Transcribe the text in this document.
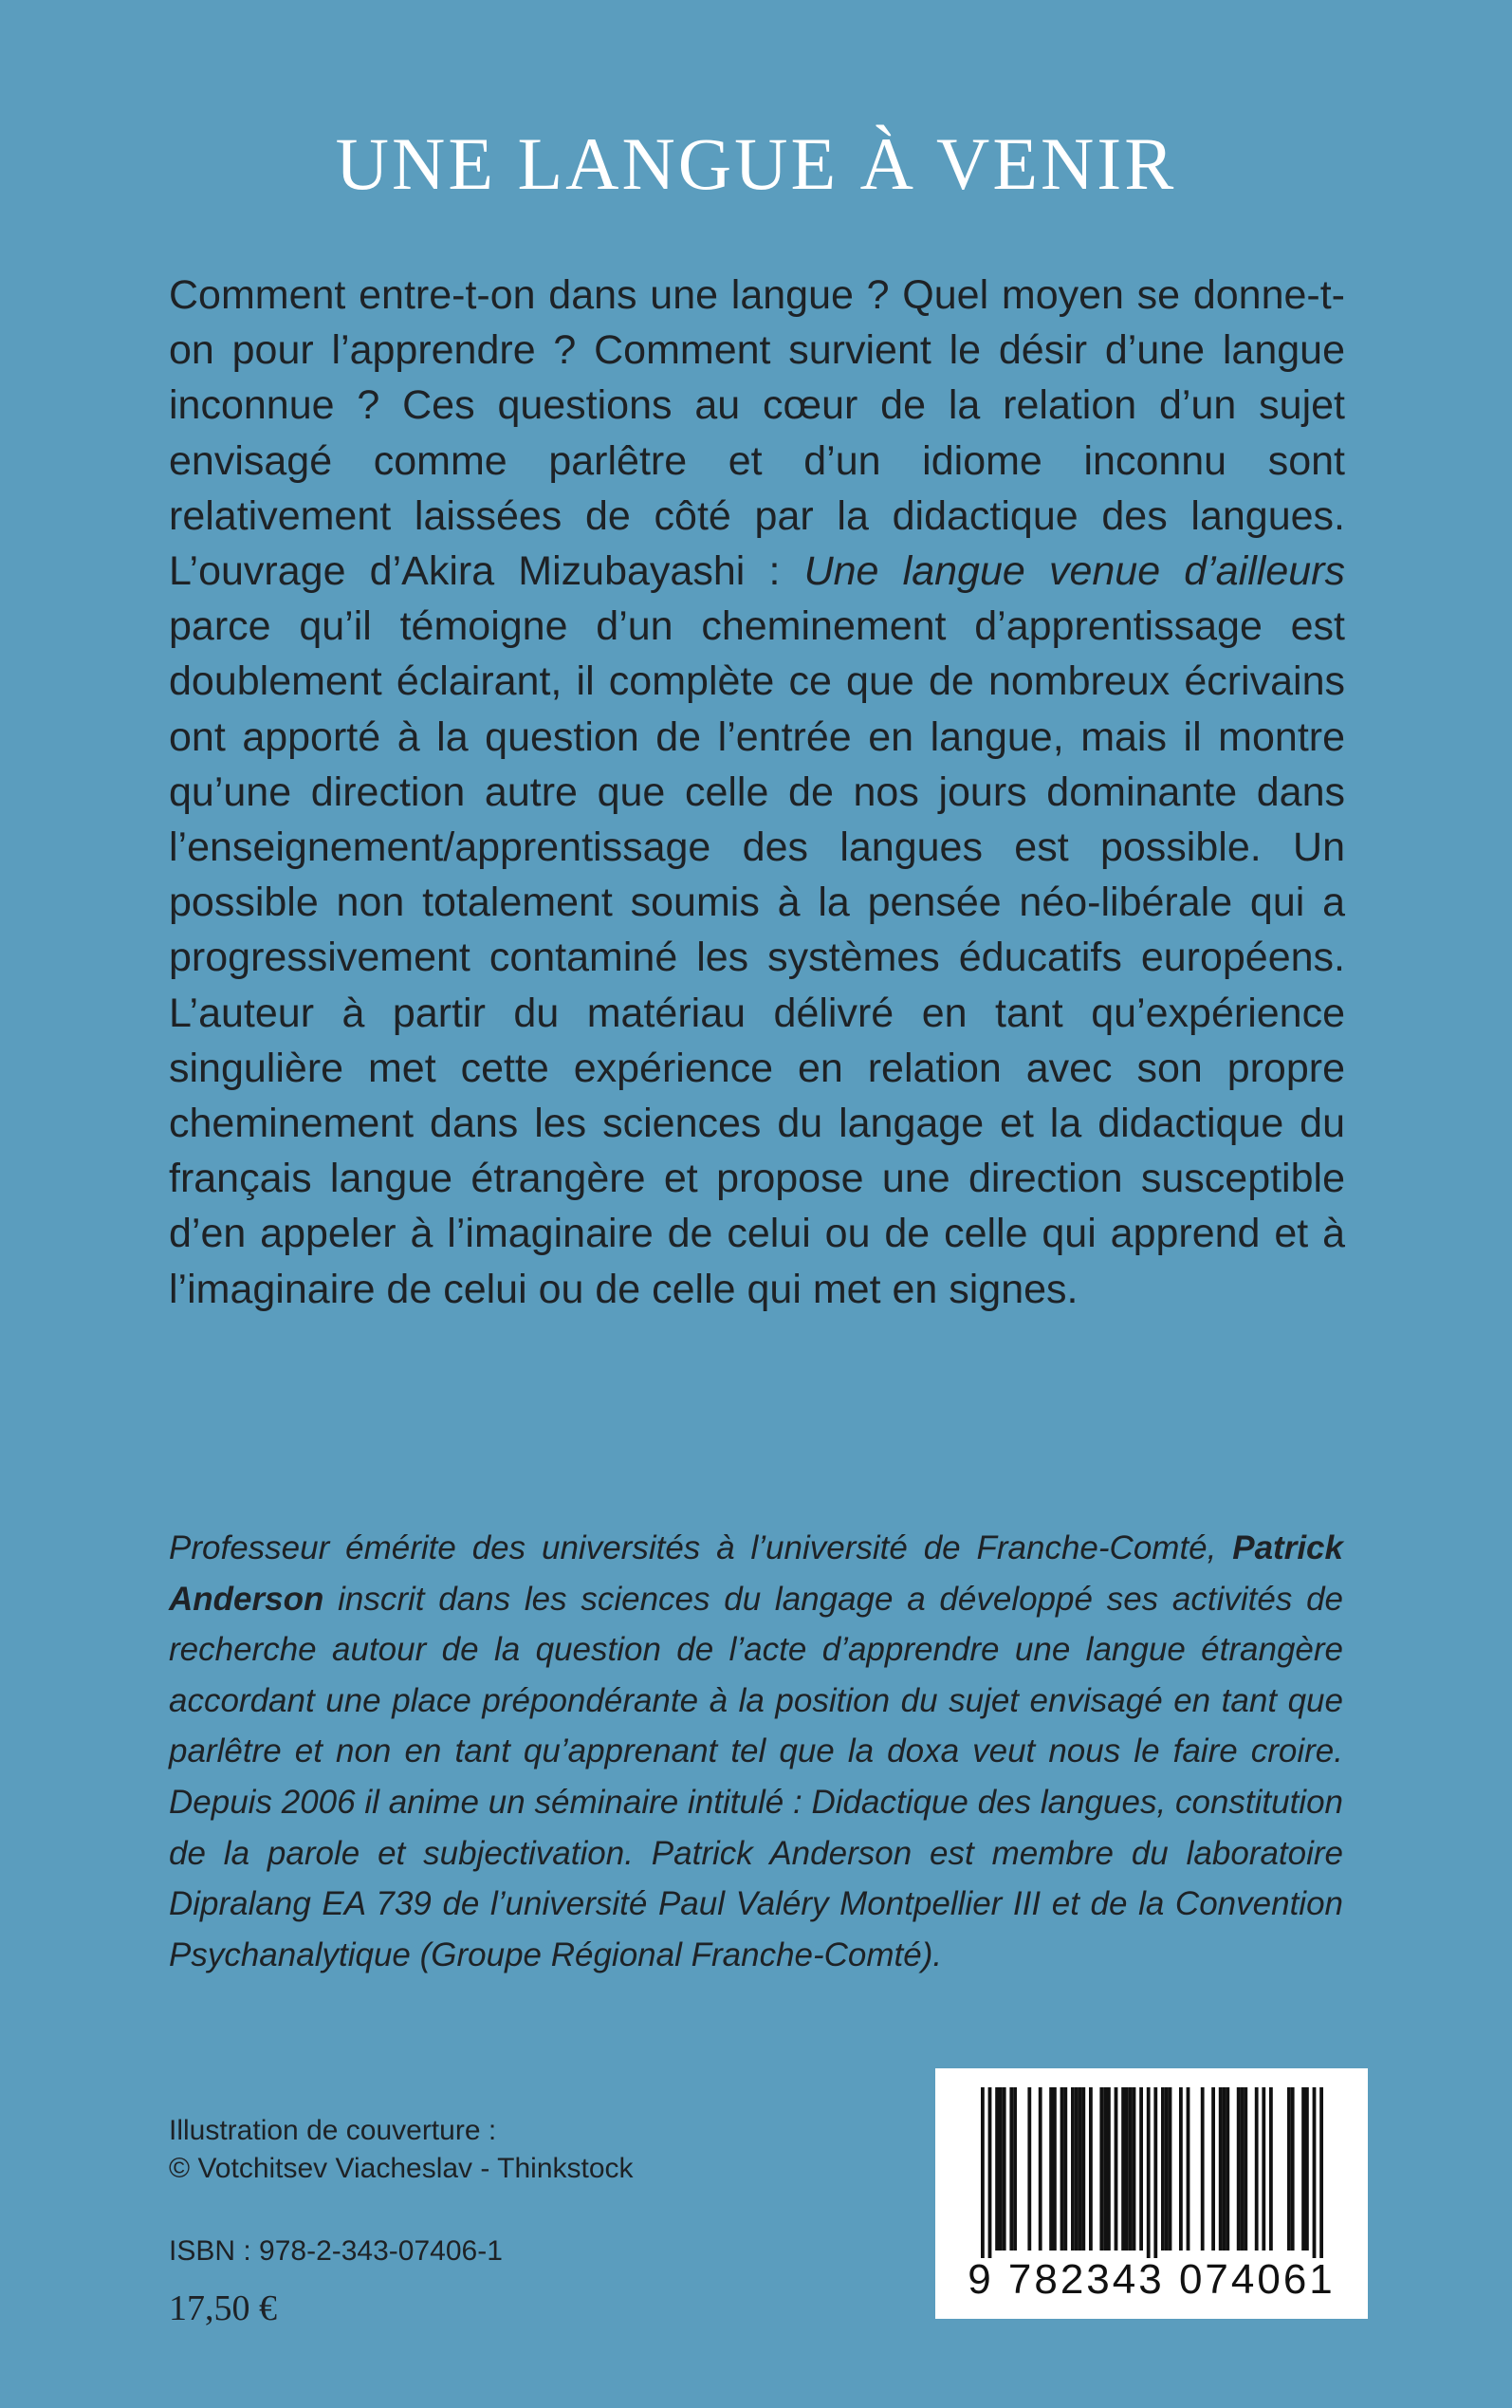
UNE LANGUE À VENIR

Comment entre-t-on dans une langue ? Quel moyen se donne-t-on pour l’apprendre ? Comment survient le désir d’une langue inconnue ? Ces questions au cœur de la relation d’un sujet envisagé comme parlêtre et d’un idiome inconnu sont relativement laissées de côté par la didactique des langues. L’ouvrage d’Akira Mizubayashi : Une langue venue d’ailleurs parce qu’il témoigne d’un cheminement d’apprentissage est doublement éclairant, il complète ce que de nombreux écrivains ont apporté à la question de l’entrée en langue, mais il montre qu’une direction autre que celle de nos jours dominante dans l’enseignement/apprentissage des langues est possible. Un possible non totalement soumis à la pensée néo-libérale qui a progressivement contaminé les systèmes éducatifs européens. L’auteur à partir du matériau délivré en tant qu’expérience singulière met cette expérience en relation avec son propre cheminement dans les sciences du langage et la didactique du français langue étrangère et propose une direction susceptible d’en appeler à l’imaginaire de celui ou de celle qui apprend et à l’imaginaire de celui ou de celle qui met en signes.

Professeur émérite des universités à l’université de Franche-Comté, Patrick Anderson inscrit dans les sciences du langage a développé ses activités de recherche autour de la question de l’acte d’apprendre une langue étrangère accordant une place prépondérante à la position du sujet envisagé en tant que parlêtre et non en tant qu’apprenant tel que la doxa veut nous le faire croire. Depuis 2006 il anime un séminaire intitulé : Didactique des langues, constitution de la parole et subjectivation. Patrick Anderson est membre du laboratoire Dipralang EA 739 de l’université Paul Valéry Montpellier III et de la Convention Psychanalytique (Groupe Régional Franche-Comté).

Illustration de couverture :
© Votchitsev Viacheslav - Thinkstock
ISBN : 978-2-343-07406-1
17,50 €
9 782343 074061
